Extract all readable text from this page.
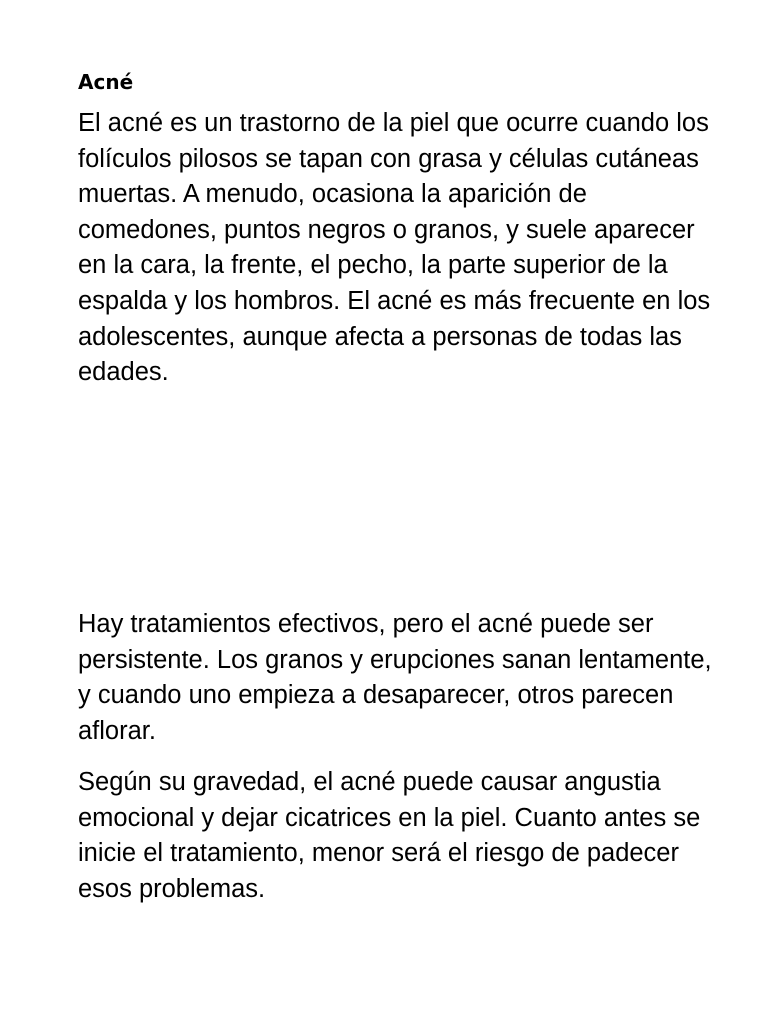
Acné

El acné es un trastorno de la piel que ocurre cuando los folículos pilosos se tapan con grasa y células cutáneas muertas. A menudo, ocasiona la aparición de comedones, puntos negros o granos, y suele aparecer en la cara, la frente, el pecho, la parte superior de la espalda y los hombros. El acné es más frecuente en los adolescentes, aunque afecta a personas de todas las edades.

Hay tratamientos efectivos, pero el acné puede ser persistente. Los granos y erupciones sanan lentamente, y cuando uno empieza a desaparecer, otros parecen aflorar.

Según su gravedad, el acné puede causar angustia emocional y dejar cicatrices en la piel. Cuanto antes se inicie el tratamiento, menor será el riesgo de padecer esos problemas.
